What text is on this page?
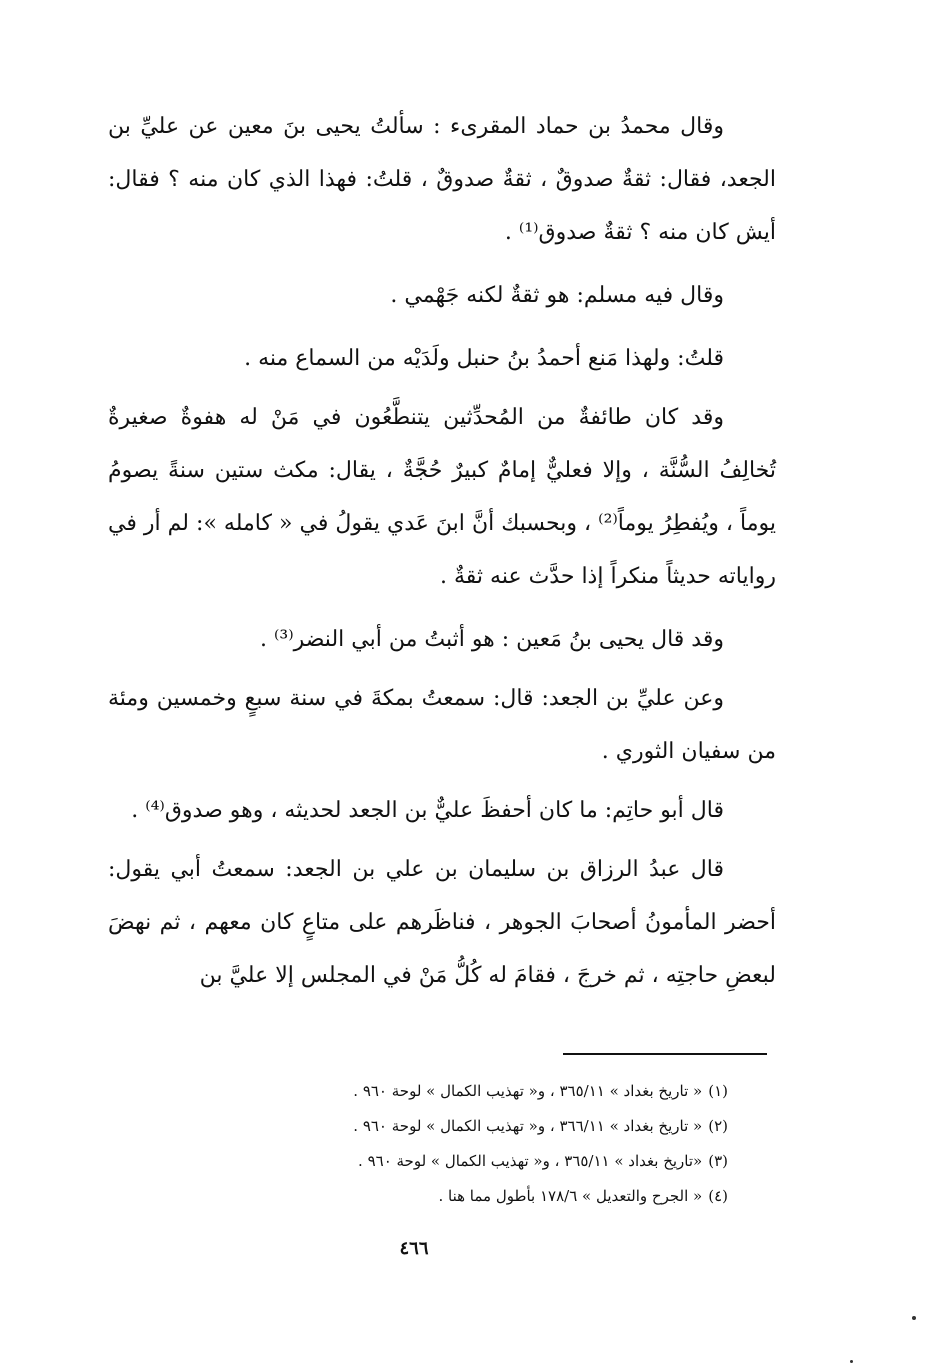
وقال محمدُ بن حماد المقرىء : سألتُ يحيى بنَ معين عن عليِّ بن الجعد، فقال: ثقةٌ صدوقٌ ، ثقةٌ صدوقٌ ، قلتُ: فهذا الذي كان منه ؟ فقال: أيش كان منه ؟ ثقةٌ صدوق⁽¹⁾ .

وقال فيه مسلم: هو ثقةٌ لكنه جَهْمي .

قلتُ: ولهذا مَنع أحمدُ بنُ حنبل ولَدَيْه من السماع منه .

وقد كان طائفةٌ من المُحدِّثين يتنطَّعُون في مَنْ له هفوةٌ صغيرةٌ تُخالِفُ السُّنَّة ، وإلا فعليٌّ إمامٌ كبيرٌ حُجَّةٌ ، يقال: مكث ستين سنةً يصومُ يوماً ، ويُفطِرُ يوماً⁽²⁾ ، وبحسبك أنَّ ابنَ عَدي يقولُ في « كامله »: لم أر في رواياته حديثاً منكراً إذا حدَّث عنه ثقةٌ .

وقد قال يحيى بنُ مَعين : هو أثبتُ من أبي النضر⁽³⁾ .

وعن عليِّ بن الجعد: قال: سمعتُ بمكةَ في سنة سبعٍ وخمسين ومئة من سفيان الثوري .

قال أبو حاتِم: ما كان أحفظَ عليٌّ بن الجعد لحديثه ، وهو صدوق⁽⁴⁾ .

قال عبدُ الرزاق بن سليمان بن علي بن الجعد: سمعتُ أبي يقول: أحضر المأمونُ أصحابَ الجوهر ، فناظَرهم على متاعٍ كان معهم ، ثم نهضَ لبعضِ حاجتِه ، ثم خرجَ ، فقامَ له كُلُّ مَنْ في المجلس إلا عليَّ بن

(١)« تاريخ بغداد » ٣٦٥/١١ ، و« تهذيب الكمال » لوحة ٩٦٠ .
(٢)« تاريخ بغداد » ٣٦٦/١١ ، و« تهذيب الكمال » لوحة ٩٦٠ .
(٣)«تاريخ بغداد » ٣٦٥/١١ ، و« تهذيب الكمال » لوحة ٩٦٠ .
(٤)« الجرح والتعديل » ١٧٨/٦ بأطول مما هنا .
٤٦٦
